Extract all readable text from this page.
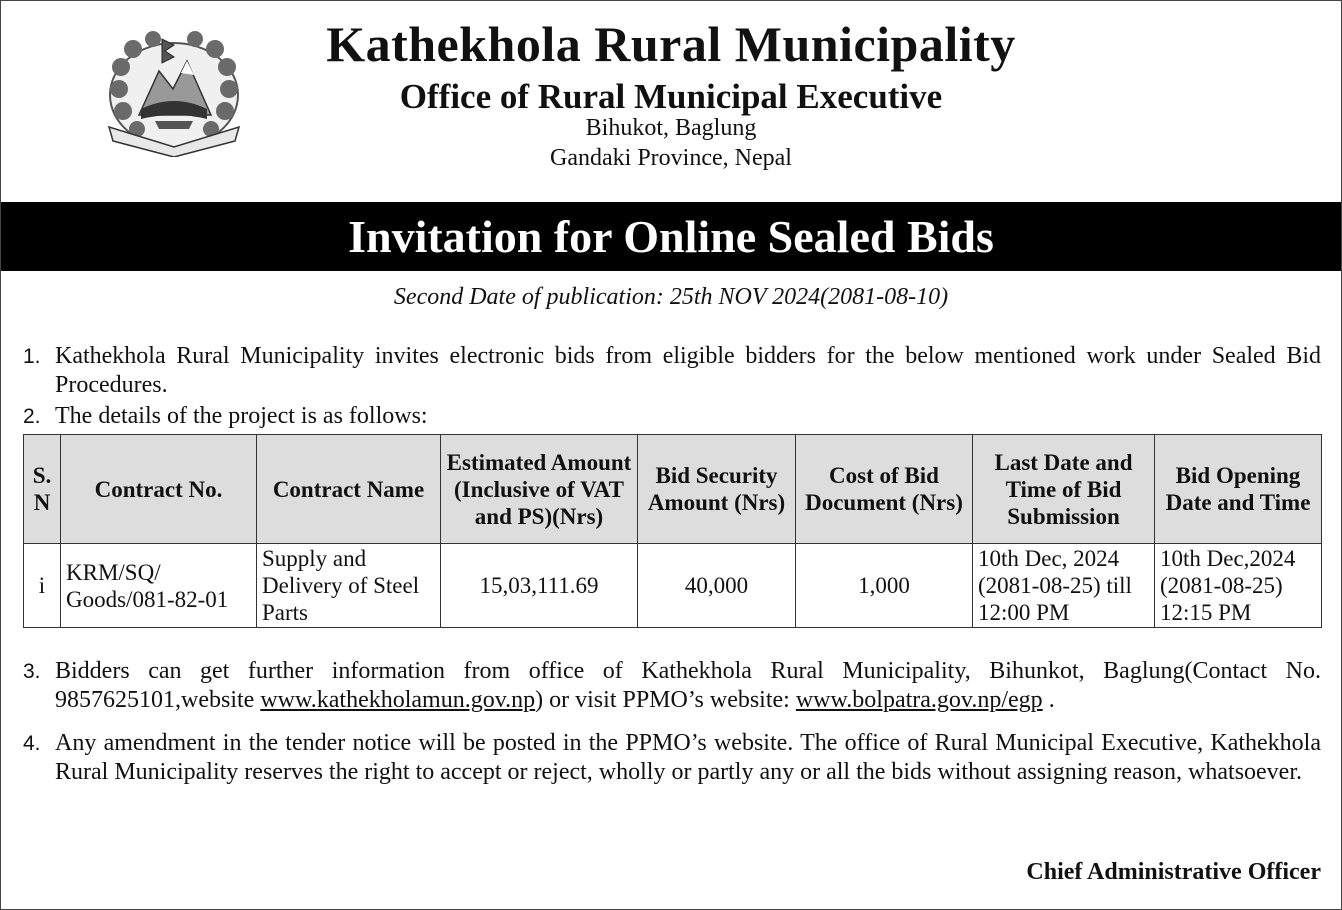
Kathekhola Rural Municipality
Office of Rural Municipal Executive
Bihukot, Baglung
Gandaki Province, Nepal
Invitation for Online Sealed Bids
Second Date of publication: 25th NOV 2024(2081-08-10)
1. Kathekhola Rural Municipality invites electronic bids from eligible bidders for the below mentioned work under Sealed Bid Procedures.
2. The details of the project is as follows:
S. N	Contract No.	Contract Name	Estimated Amount (Inclusive of VAT and PS)(Nrs)	Bid Security Amount (Nrs)	Cost of Bid Document (Nrs)	Last Date and Time of Bid Submission	Bid Opening Date and Time
i	KRM/SQ/ Goods/081-82-01	Supply and Delivery of Steel Parts	15,03,111.69	40,000	1,000	10th Dec, 2024 (2081-08-25) till 12:00 PM	10th Dec,2024 (2081-08-25) 12:15 PM
3. Bidders can get further information from office of Kathekhola Rural Municipality, Bihunkot, Baglung(Contact No. 9857625101,website www.kathekholamun.gov.np) or visit PPMO’s website: www.bolpatra.gov.np/egp .
4. Any amendment in the tender notice will be posted in the PPMO’s website. The office of Rural Municipal Executive, Kathekhola Rural Municipality reserves the right to accept or reject, wholly or partly any or all the bids without assigning reason, whatsoever.
Chief Administrative Officer
